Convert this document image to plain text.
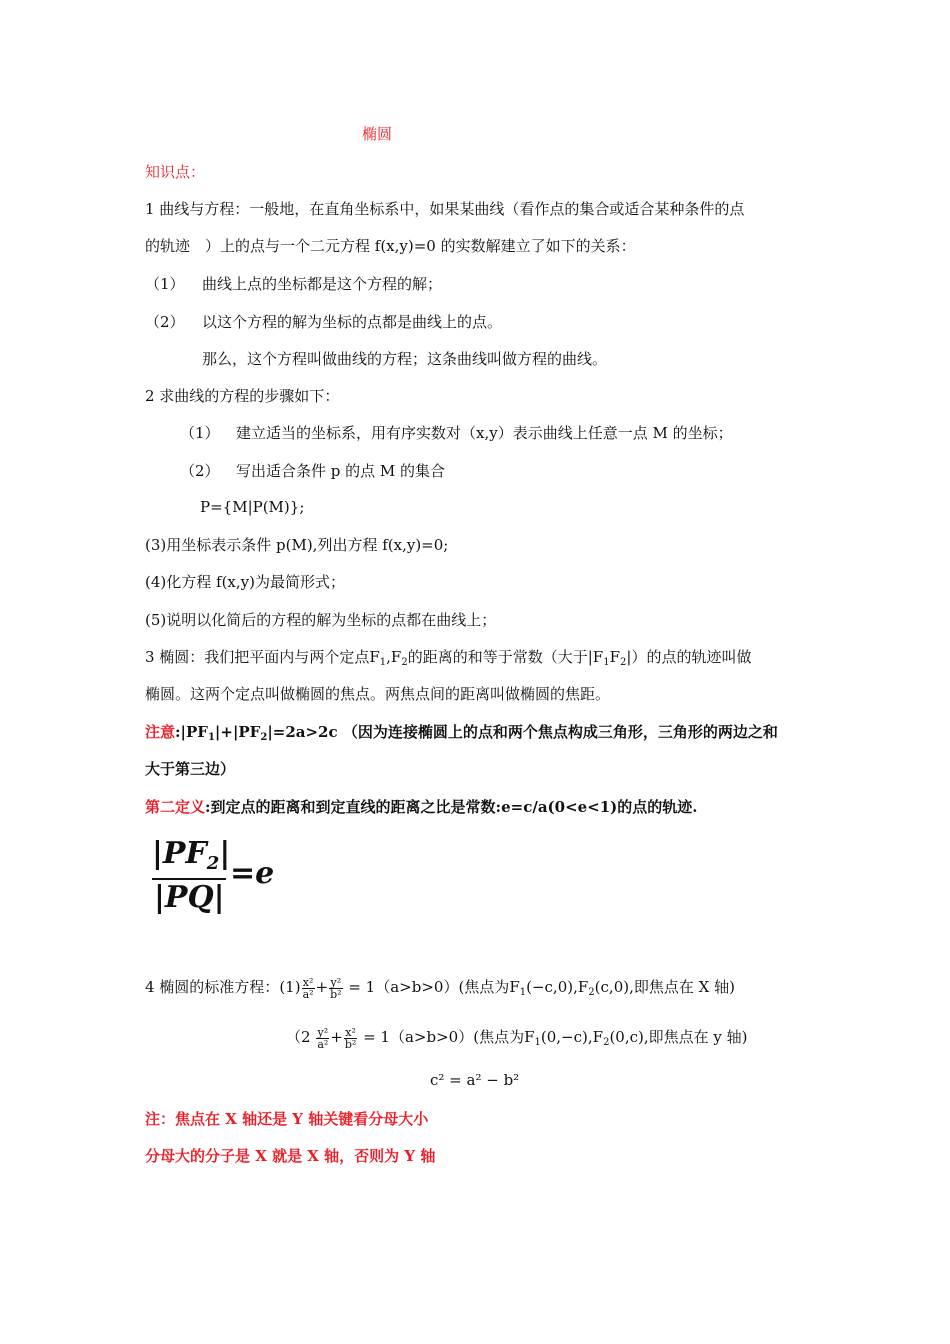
椭圆
知识点：
1 曲线与方程：一般地，在直角坐标系中，如果某曲线（看作点的集合或适合某种条件的点
的轨迹　）上的点与一个二元方程 f(x,y)=0 的实数解建立了如下的关系：
（1） 曲线上点的坐标都是这个方程的解；
（2） 以这个方程的解为坐标的点都是曲线上的点。
那么，这个方程叫做曲线的方程；这条曲线叫做方程的曲线。
2 求曲线的方程的步骤如下：
（1） 建立适当的坐标系，用有序实数对（x,y）表示曲线上任意一点 M 的坐标；
（2） 写出适合条件 p 的点 M 的集合
P={M|P(M)};
(3)用坐标表示条件 p(M),列出方程 f(x,y)=0;
(4)化方程 f(x,y)为最简形式；
(5)说明以化简后的方程的解为坐标的点都在曲线上；
3 椭圆：我们把平面内与两个定点$F_1,F_2$的距离的和等于常数（大于$|F_1F_2|$）的点的轨迹叫做
椭圆。这两个定点叫做椭圆的焦点。两焦点间的距离叫做椭圆的焦距。
注意$:|PF_1|+|PF_2|=2a>2c$ （因为连接椭圆上的点和两个焦点构成三角形，三角形的两边之和
大于第三边）
第二定义:到定点的距离和到定直线的距离之比是常数:e=c/a(0<e<1)的点的轨迹.
$|PF_2|$
|PQ|
=e
4 椭圆的标准方程：$(1) \frac{\text{x²}}{\text{a²}} + \frac{\text{y²}}{\text{b²}} = 1(a>b>0)$(焦点为$F_1(-c,0),F_2(c,0)$,即焦点在 X 轴)
（$2 \frac{\text{y²}}{\text{a²}} + \frac{\text{x²}}{\text{b²}} = 1(a>b>0)$(焦点为$F_1(0,-c),F_2(0,c)$,即焦点在 y 轴)
c² = a² − b²
注：焦点在 X 轴还是 Y 轴关键看分母大小
分母大的分子是 X 就是 X 轴，否则为 Y 轴
